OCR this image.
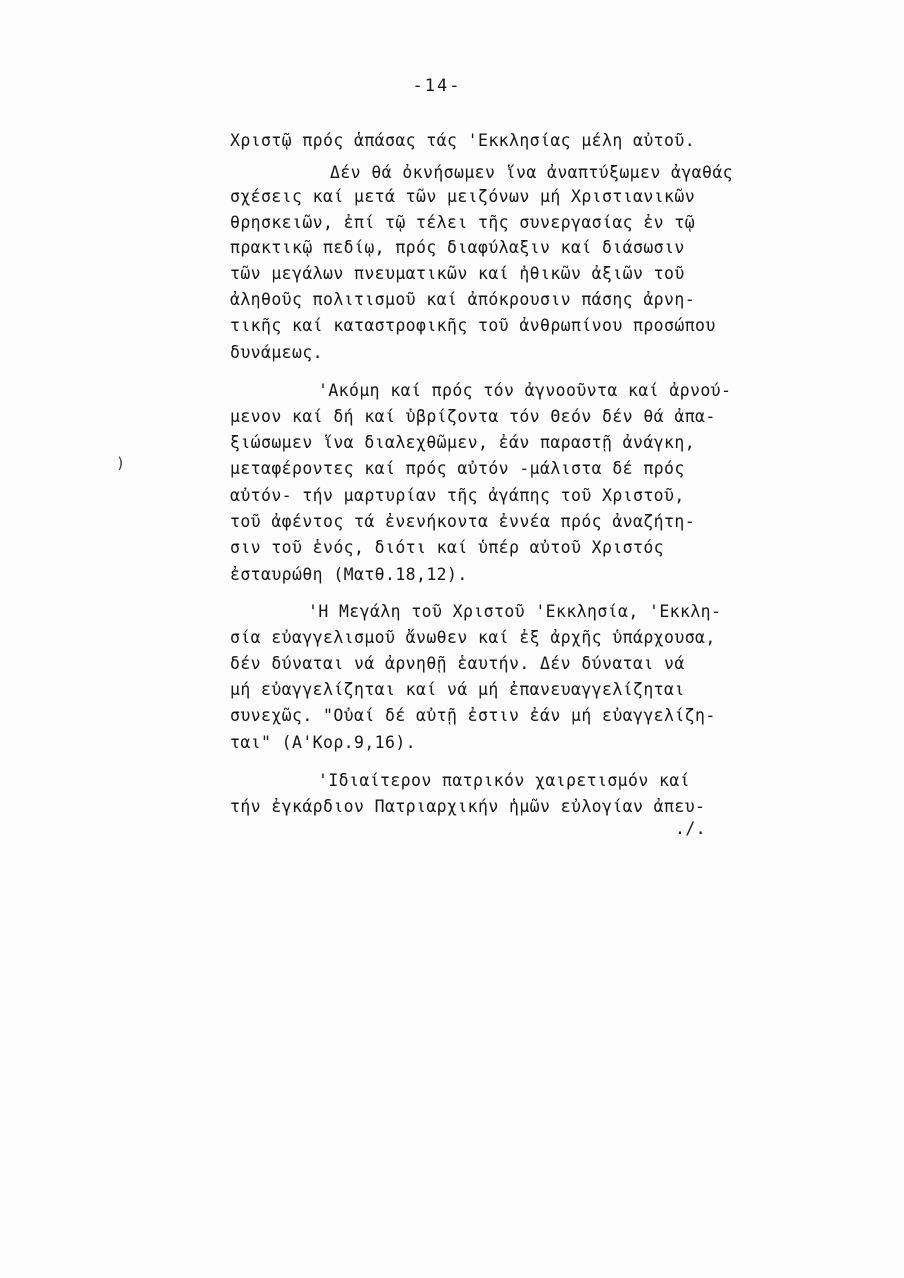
-14-
)
Χριστῷ πρός ἁπάσας τάς 'Εκκλησίας μέλη αὐτοῦ.
Δέν θά ὀκνήσωμεν ἵνα ἀναπτύξωμεν ἀγαθάς
σχέσεις καί μετά τῶν μειζόνων μή Χριστιανικῶν
θρησκειῶν, ἐπί τῷ τέλει τῆς συνεργασίας ἐν τῷ
πρακτικῷ πεδίῳ, πρός διαφύλαξιν καί διάσωσιν
τῶν μεγάλων πνευματικῶν καί ἠθικῶν ἀξιῶν τοῦ
ἀληθοῦς πολιτισμοῦ καί ἀπόκρουσιν πάσης ἀρνη-
τικῆς καί καταστροφικῆς τοῦ ἀνθρωπίνου προσώπου
δυνάμεως.
'Ακόμη καί πρός τόν ἀγνοοῦντα καί ἀρνού-
μενον καί δή καί ὑβρίζοντα τόν Θεόν δέν θά ἀπα-
ξιώσωμεν ἵνα διαλεχθῶμεν, ἐάν παραστῇ ἀνάγκη,
μεταφέροντες καί πρός αὐτόν -μάλιστα δέ πρός
αὐτόν- τήν μαρτυρίαν τῆς ἀγάπης τοῦ Χριστοῦ,
τοῦ ἀφέντος τά ἐνενήκοντα ἐννέα πρός ἀναζήτη-
σιν τοῦ ἑνός, διότι καί ὑπέρ αὐτοῦ Χριστός
ἐσταυρώθη (Ματθ.18,12).
'Η Μεγάλη τοῦ Χριστοῦ 'Εκκλησία, 'Εκκλη-
σία εὐαγγελισμοῦ ἄνωθεν καί ἐξ ἀρχῆς ὑπάρχουσα,
δέν δύναται νά ἀρνηθῇ ἑαυτήν. Δέν δύναται νά
μή εὐαγγελίζηται καί νά μή ἐπανευαγγελίζηται
συνεχῶς. "Οὐαί δέ αὐτῇ ἐστιν ἐάν μή εὐαγγελίζη-
ται" (Α'Κορ.9,16).
'Ιδιαίτερον πατρικόν χαιρετισμόν καί
τήν ἐγκάρδιον Πατριαρχικήν ἡμῶν εὐλογίαν ἀπευ-
./.
